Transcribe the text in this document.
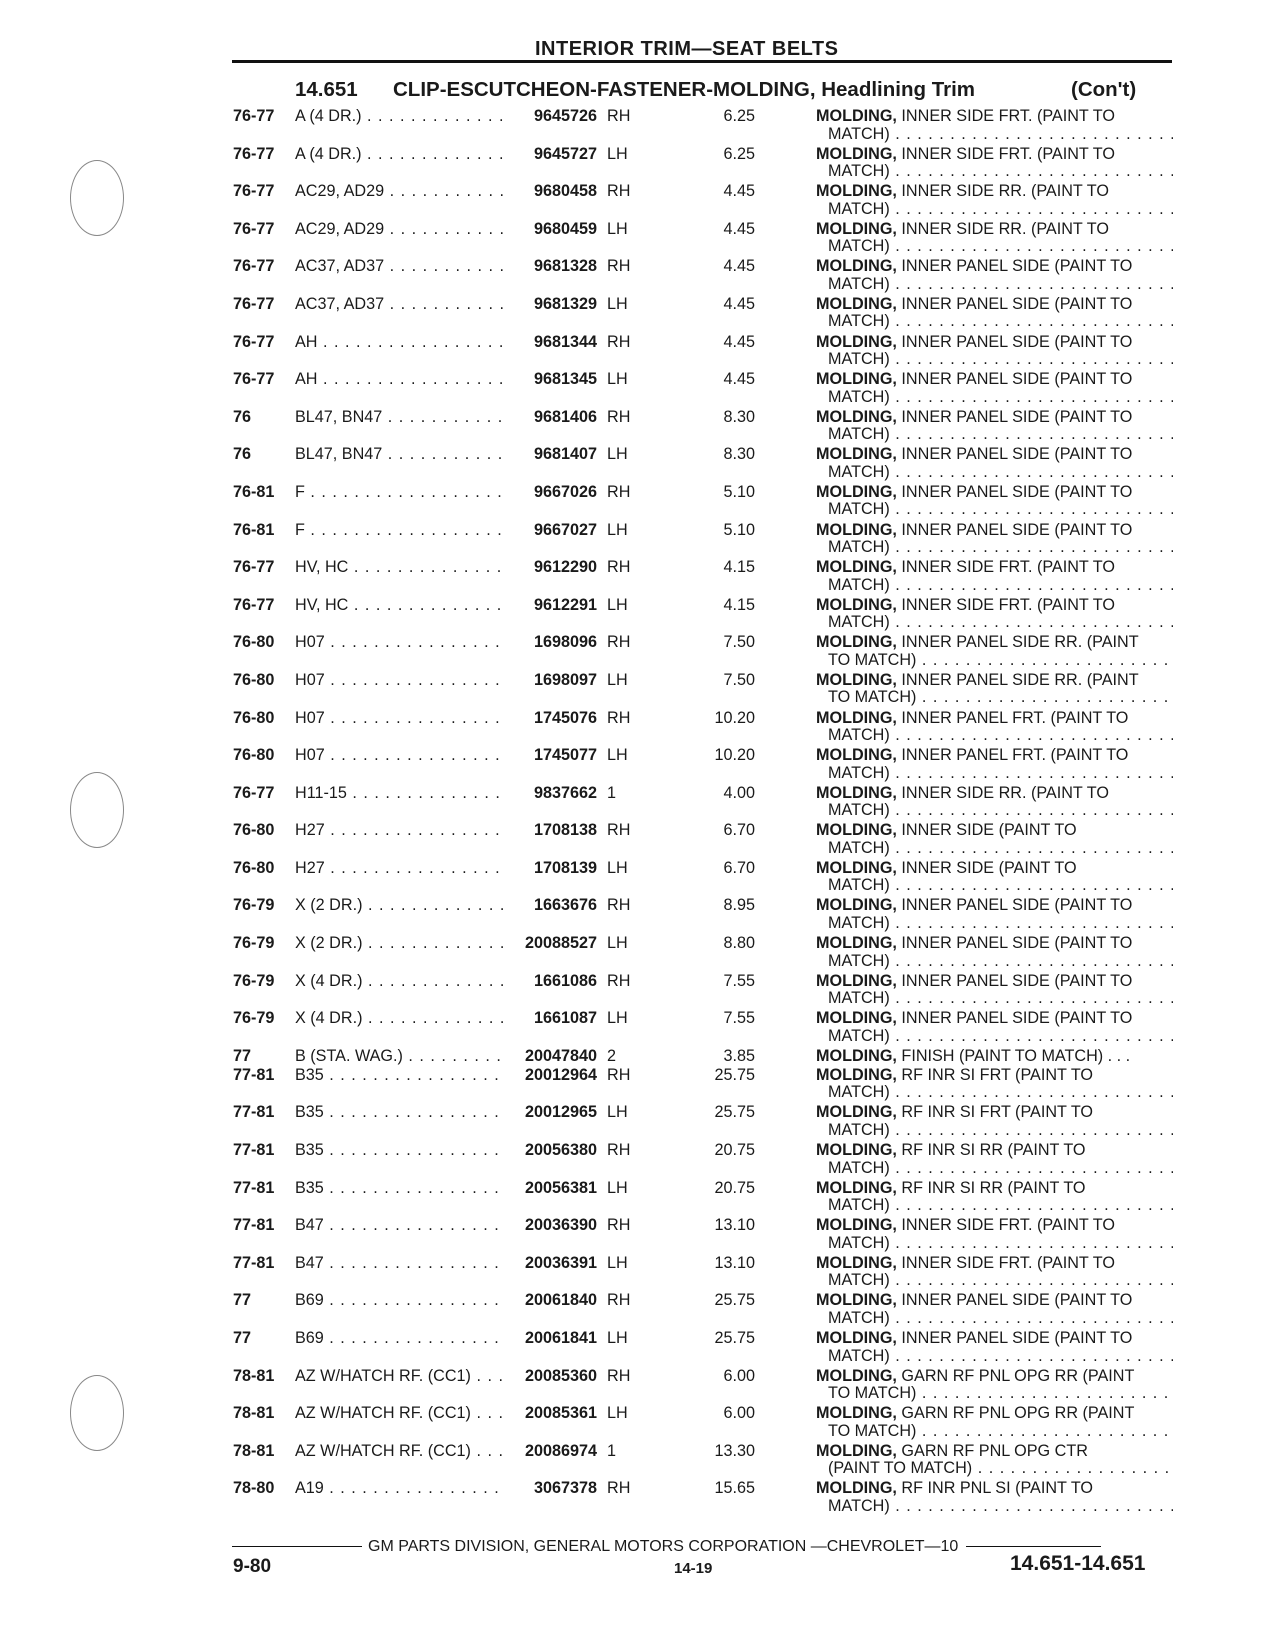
INTERIOR TRIM—SEAT BELTS
14.651 CLIP-ESCUTCHEON-FASTENER-MOLDING, Headlining Trim	(Con't)
76-77 A (4 DR.) . . .	9645726 RH	6.25	MOLDING, INNER SIDE FRT. (PAINT TO
MATCH) . . .
76-77 A (4 DR.) . . .	9645727 LH	6.25	MOLDING, INNER SIDE FRT. (PAINT TO
MATCH) . . .
76-77 AC29, AD29 . . .	9680458 RH	4.45	MOLDING, INNER SIDE RR. (PAINT TO
MATCH) . . .
76-77 AC29, AD29 . . .	9680459 LH	4.45	MOLDING, INNER SIDE RR. (PAINT TO
MATCH) . . .
76-77 AC37, AD37 . . .	9681328 RH	4.45	MOLDING, INNER PANEL SIDE (PAINT TO
MATCH) . . .
76-77 AC37, AD37 . . .	9681329 LH	4.45	MOLDING, INNER PANEL SIDE (PAINT TO
MATCH) . . .
76-77 AH . . .	9681344 RH	4.45	MOLDING, INNER PANEL SIDE (PAINT TO
MATCH) . . .
76-77 AH . . .	9681345 LH	4.45	MOLDING, INNER PANEL SIDE (PAINT TO
MATCH) . . .
76	BL47, BN47 . . .	9681406 RH	8.30	MOLDING, INNER PANEL SIDE (PAINT TO
MATCH) . . .
76	BL47, BN47 . . .	9681407 LH	8.30	MOLDING, INNER PANEL SIDE (PAINT TO
MATCH) . . .
76-81 F . . .	9667026 RH	5.10	MOLDING, INNER PANEL SIDE (PAINT TO
MATCH) . . .
76-81 F . . .	9667027 LH	5.10	MOLDING, INNER PANEL SIDE (PAINT TO
MATCH) . . .
76-77 HV, HC . . .	9612290 RH	4.15	MOLDING, INNER SIDE FRT. (PAINT TO
MATCH) . . .
76-77 HV, HC . . .	9612291 LH	4.15	MOLDING, INNER SIDE FRT. (PAINT TO
MATCH) . . .
76-80 H07 . . .	1698096 RH	7.50	MOLDING, INNER PANEL SIDE RR. (PAINT
TO MATCH) . . .
76-80 H07 . . .	1698097 LH	7.50	MOLDING, INNER PANEL SIDE RR. (PAINT
TO MATCH) . . .
76-80 H07 . . .	1745076 RH	10.20	MOLDING, INNER PANEL FRT. (PAINT TO
MATCH) . . .
76-80 H07 . . .	1745077 LH	10.20	MOLDING, INNER PANEL FRT. (PAINT TO
MATCH) . . .
76-77 H11-15 . . .	9837662 1	4.00	MOLDING, INNER SIDE RR. (PAINT TO
MATCH) . . .
76-80 H27 . . .	1708138 RH	6.70	MOLDING, INNER SIDE (PAINT TO
MATCH) . . .
76-80 H27 . . .	1708139 LH	6.70	MOLDING, INNER SIDE (PAINT TO
MATCH) . . .
76-79 X (2 DR.) . . .	1663676 RH	8.95	MOLDING, INNER PANEL SIDE (PAINT TO
MATCH) . . .
76-79 X (2 DR.) . . .	20088527 LH	8.80	MOLDING, INNER PANEL SIDE (PAINT TO
MATCH) . . .
76-79 X (4 DR.) . . .	1661086 RH	7.55	MOLDING, INNER PANEL SIDE (PAINT TO
MATCH) . . .
76-79 X (4 DR.) . . .	1661087 LH	7.55	MOLDING, INNER PANEL SIDE (PAINT TO
MATCH) . . .
77	B (STA. WAG.) . . .	20047840 2	3.85	MOLDING, FINISH (PAINT TO MATCH) . . .
77-81 B35 . . .	20012964 RH	25.75	MOLDING, RF INR SI FRT (PAINT TO
MATCH) . . .
77-81 B35 . . .	20012965 LH	25.75	MOLDING, RF INR SI FRT (PAINT TO
MATCH) . . .
77-81 B35 . . .	20056380 RH	20.75	MOLDING, RF INR SI RR (PAINT TO
MATCH) . . .
77-81 B35 . . .	20056381 LH	20.75	MOLDING, RF INR SI RR (PAINT TO
MATCH) . . .
77-81 B47 . . .	20036390 RH	13.10	MOLDING, INNER SIDE FRT. (PAINT TO
MATCH) . . .
77-81 B47 . . .	20036391 LH	13.10	MOLDING, INNER SIDE FRT. (PAINT TO
MATCH) . . .
77	B69 . . .	20061840 RH	25.75	MOLDING, INNER PANEL SIDE (PAINT TO
MATCH) . . .
77	B69 . . .	20061841 LH	25.75	MOLDING, INNER PANEL SIDE (PAINT TO
MATCH) . . .
78-81 AZ W/HATCH RF. (CC1) . . .	20085360 RH	6.00	MOLDING, GARN RF PNL OPG RR (PAINT
TO MATCH) . . .
78-81 AZ W/HATCH RF. (CC1) . . .	20085361 LH	6.00	MOLDING, GARN RF PNL OPG RR (PAINT
TO MATCH) . . .
78-81 AZ W/HATCH RF. (CC1) . . .	20086974 1	13.30	MOLDING, GARN RF PNL OPG CTR
(PAINT TO MATCH) . . .
78-80 A19 . . .	3067378 RH	15.65	MOLDING, RF INR PNL SI (PAINT TO
MATCH) . . .
GM PARTS DIVISION, GENERAL MOTORS CORPORATION —CHEVROLET—10
9-80	14-19	14.651-14.651
